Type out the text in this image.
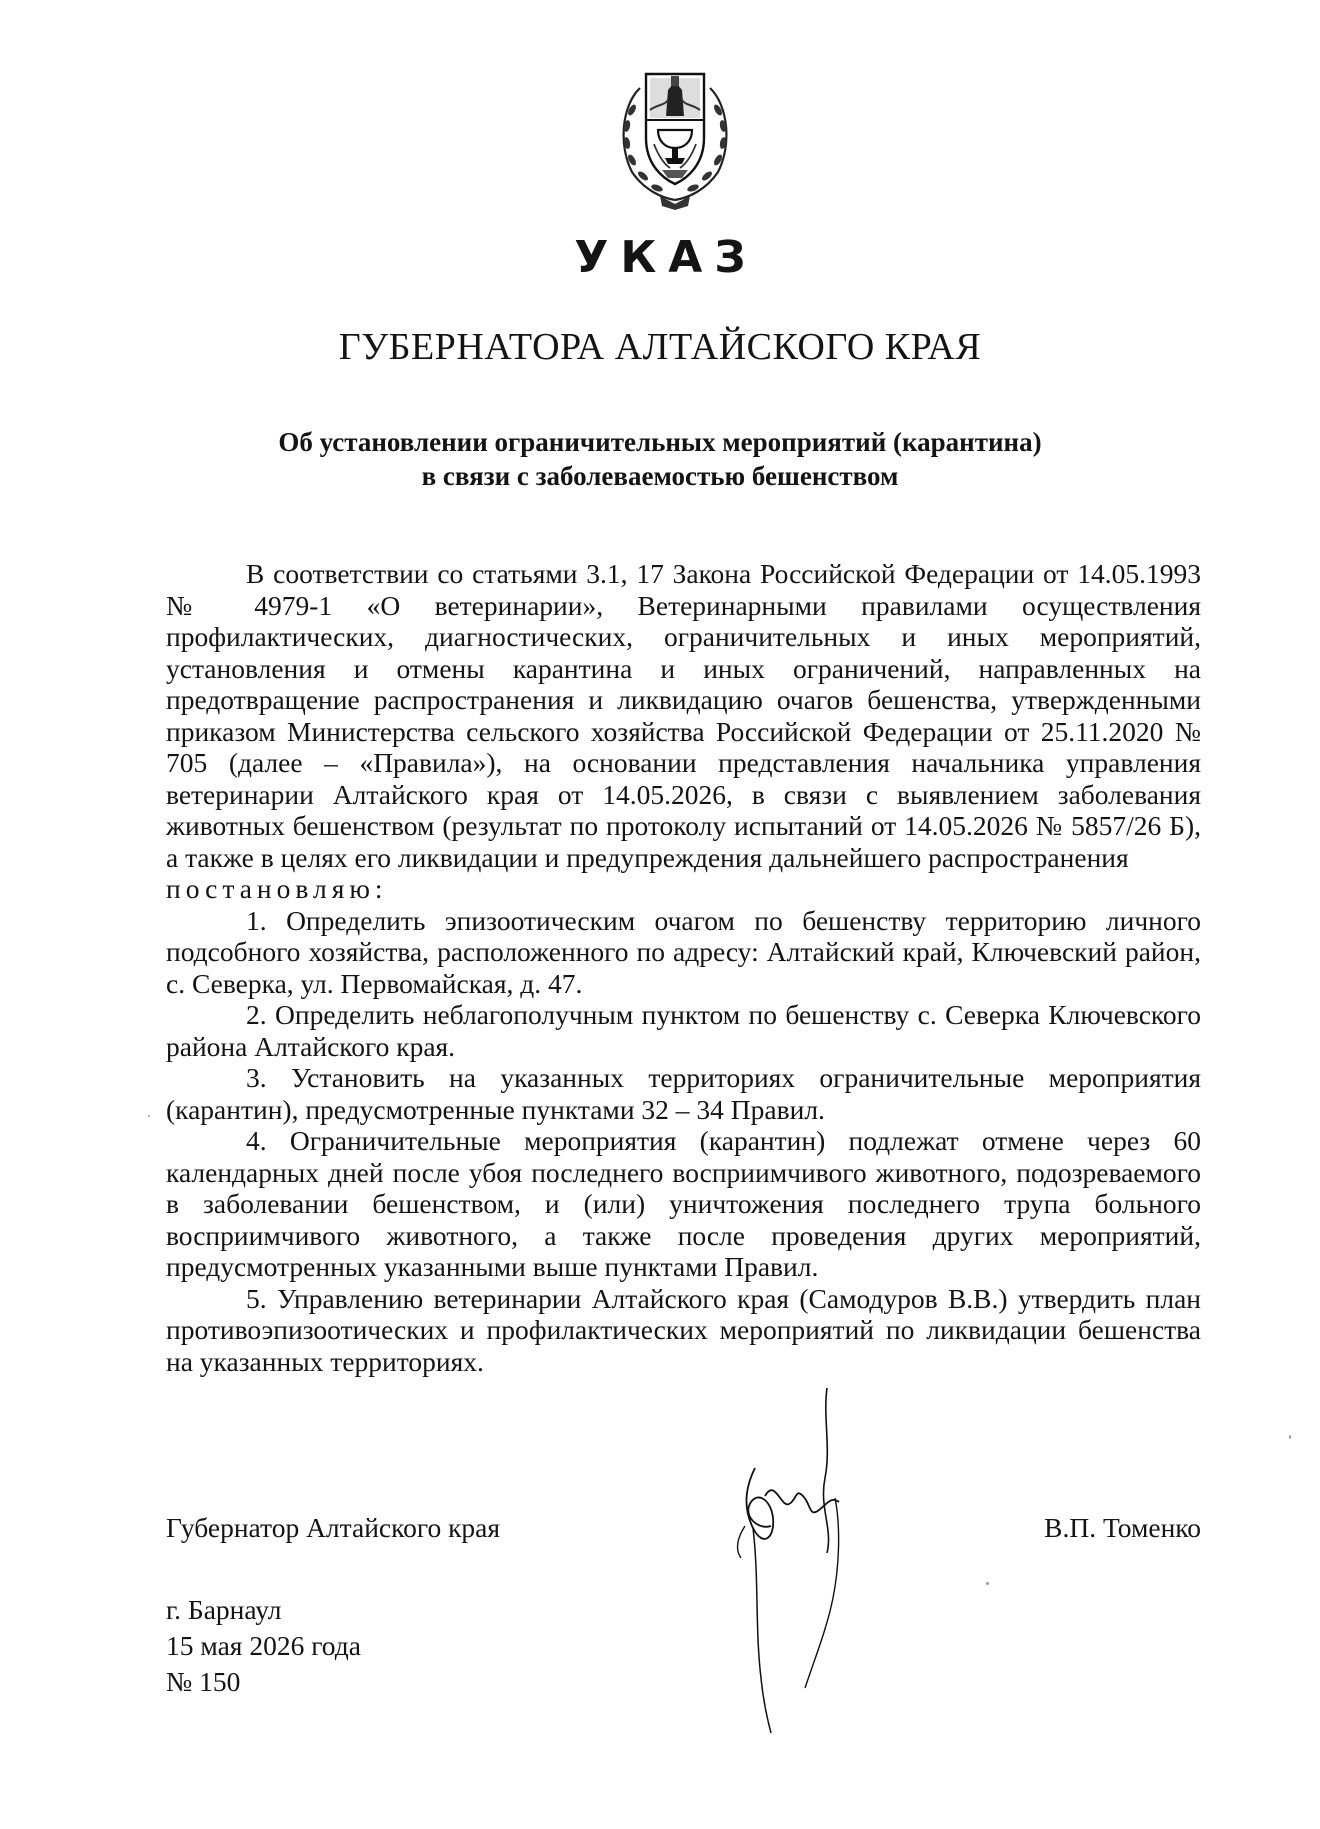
УКАЗ
ГУБЕРНАТОРА АЛТАЙСКОГО КРАЯ
Об установлении ограничительных мероприятий (карантина)
в связи с заболеваемостью бешенством

В соответствии со статьями 3.1, 17 Закона Российской Федерации от 14.05.1993 № 4979-1 «О ветеринарии», Ветеринарными правилами осуществления профилактических, диагностических, ограничительных и иных мероприятий, установления и отмены карантина и иных ограничений, направленных на предотвращение распространения и ликвидацию очагов бешенства, утвержденными приказом Министерства сельского хозяйства Российской Федерации от 25.11.2020 № 705 (далее – «Правила»), на основании представления начальника управления ветеринарии Алтайского края от 14.05.2026, в связи с выявлением заболевания животных бешенством (результат по протоколу испытаний от 14.05.2026 № 5857/26 Б), а также в целях его ликвидации и предупреждения дальнейшего распространения

постановляю:

1. Определить эпизоотическим очагом по бешенству территорию личного подсобного хозяйства, расположенного по адресу: Алтайский край, Ключевский район, с. Северка, ул. Первомайская, д. 47.

2. Определить неблагополучным пунктом по бешенству с. Северка Ключевского района Алтайского края.

3. Установить на указанных территориях ограничительные мероприятия (карантин), предусмотренные пунктами 32 – 34 Правил.

4. Ограничительные мероприятия (карантин) подлежат отмене через 60 календарных дней после убоя последнего восприимчивого животного, подозреваемого в заболевании бешенством, и (или) уничтожения последнего трупа больного восприимчивого животного, а также после проведения других мероприятий, предусмотренных указанными выше пунктами Правил.

5. Управлению ветеринарии Алтайского края (Самодуров В.В.) утвердить план противоэпизоотических и профилактических мероприятий по ликвидации бешенства на указанных территориях.

Губернатор Алтайского края	В.П. Томенко
г. Барнаул
15 мая 2026 года
№ 150
